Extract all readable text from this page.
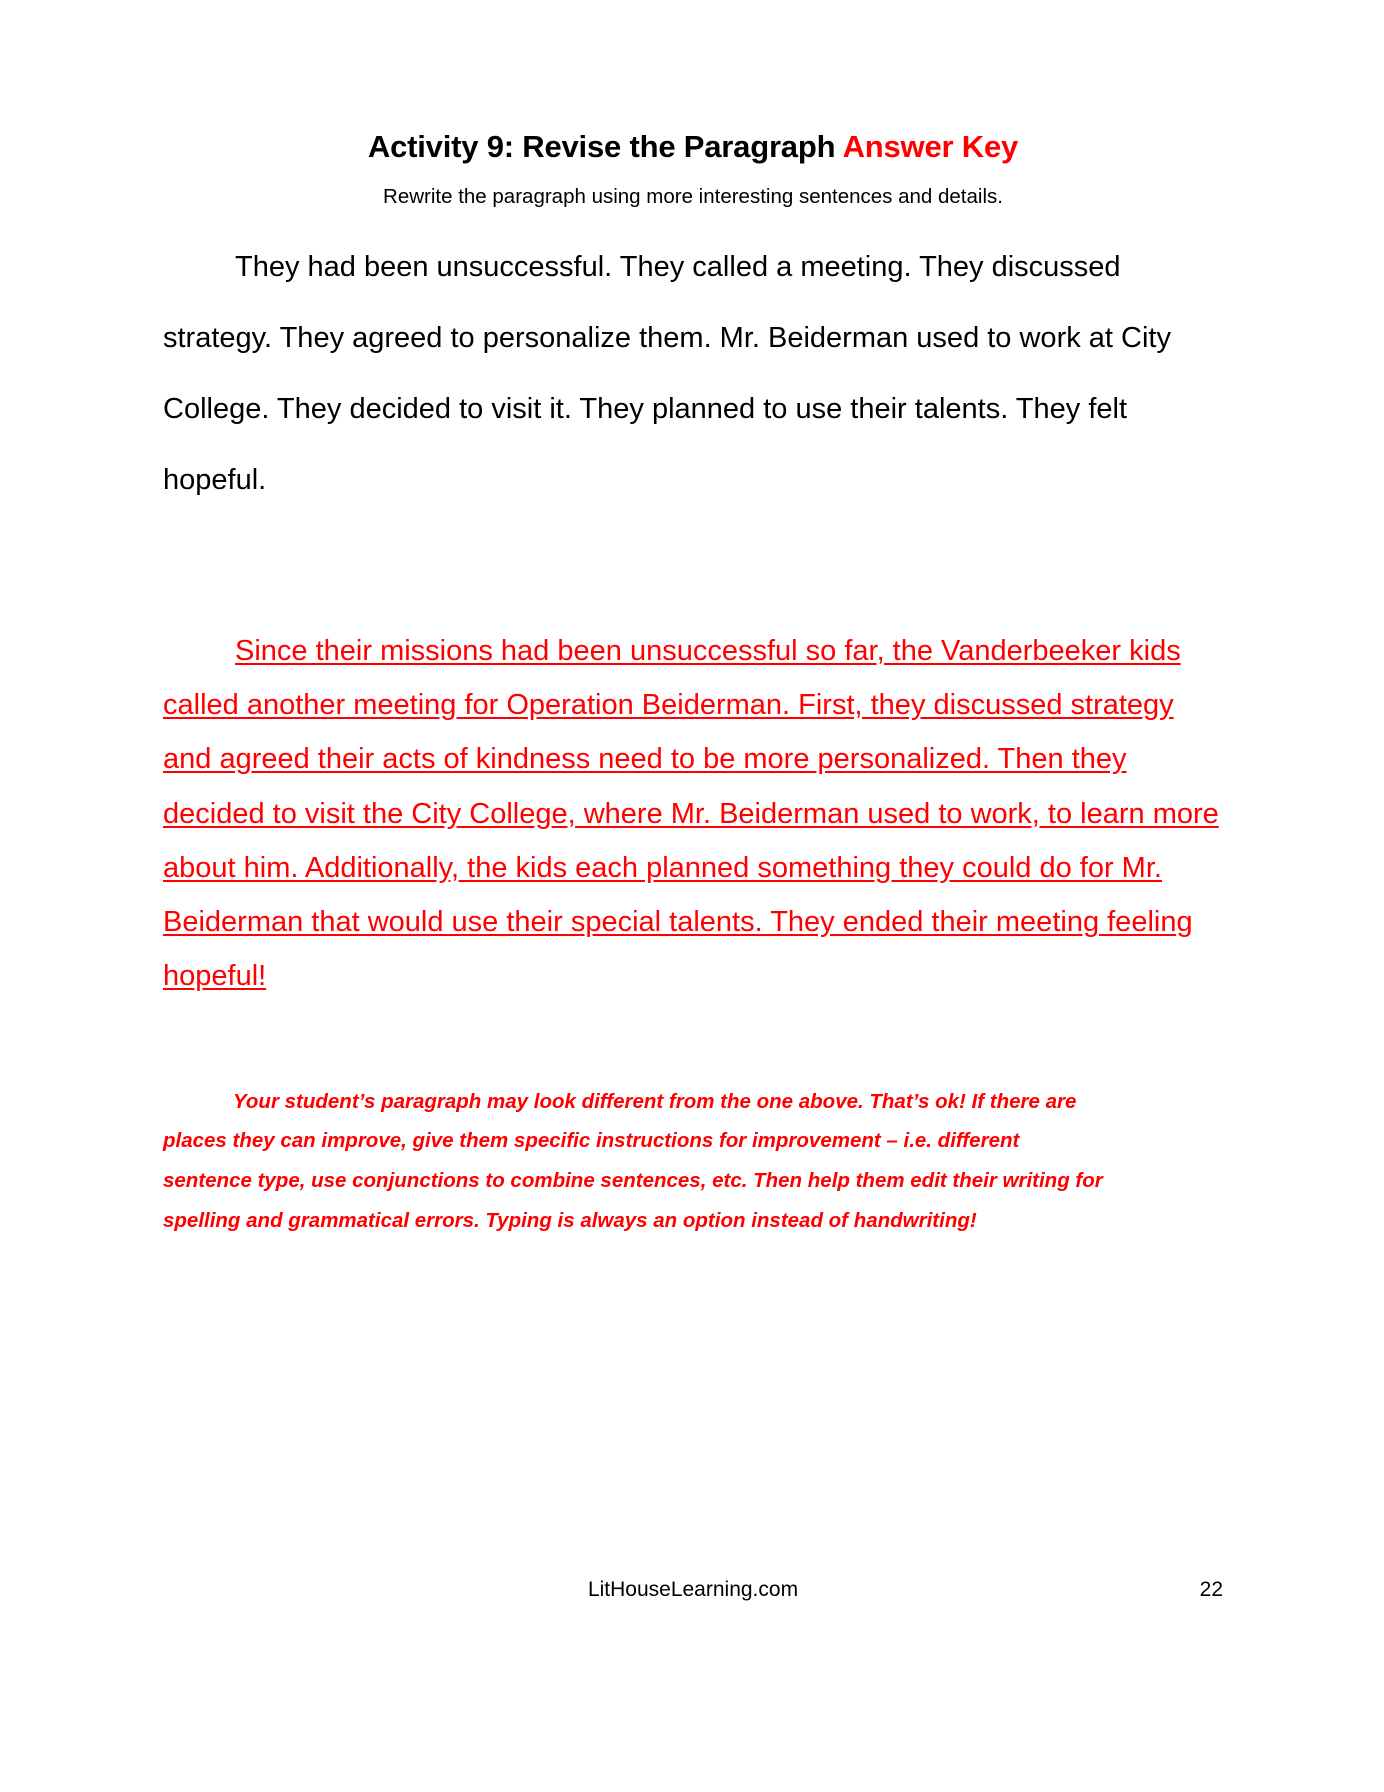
Activity 9: Revise the Paragraph Answer Key

Rewrite the paragraph using more interesting sentences and details.

They had been unsuccessful. They called a meeting. They discussed strategy. They agreed to personalize them. Mr. Beiderman used to work at City College. They decided to visit it. They planned to use their talents. They felt hopeful.

Since their missions had been unsuccessful so far, the Vanderbeeker kids called another meeting for Operation Beiderman. First, they discussed strategy and agreed their acts of kindness need to be more personalized. Then they decided to visit the City College, where Mr. Beiderman used to work, to learn more about him. Additionally, the kids each planned something they could do for Mr. Beiderman that would use their special talents. They ended their meeting feeling hopeful!

Your student’s paragraph may look different from the one above. That’s ok! If there are places they can improve, give them specific instructions for improvement – i.e. different sentence type, use conjunctions to combine sentences, etc. Then help them edit their writing for spelling and grammatical errors. Typing is always an option instead of handwriting!

LitHouseLearning.com	22
